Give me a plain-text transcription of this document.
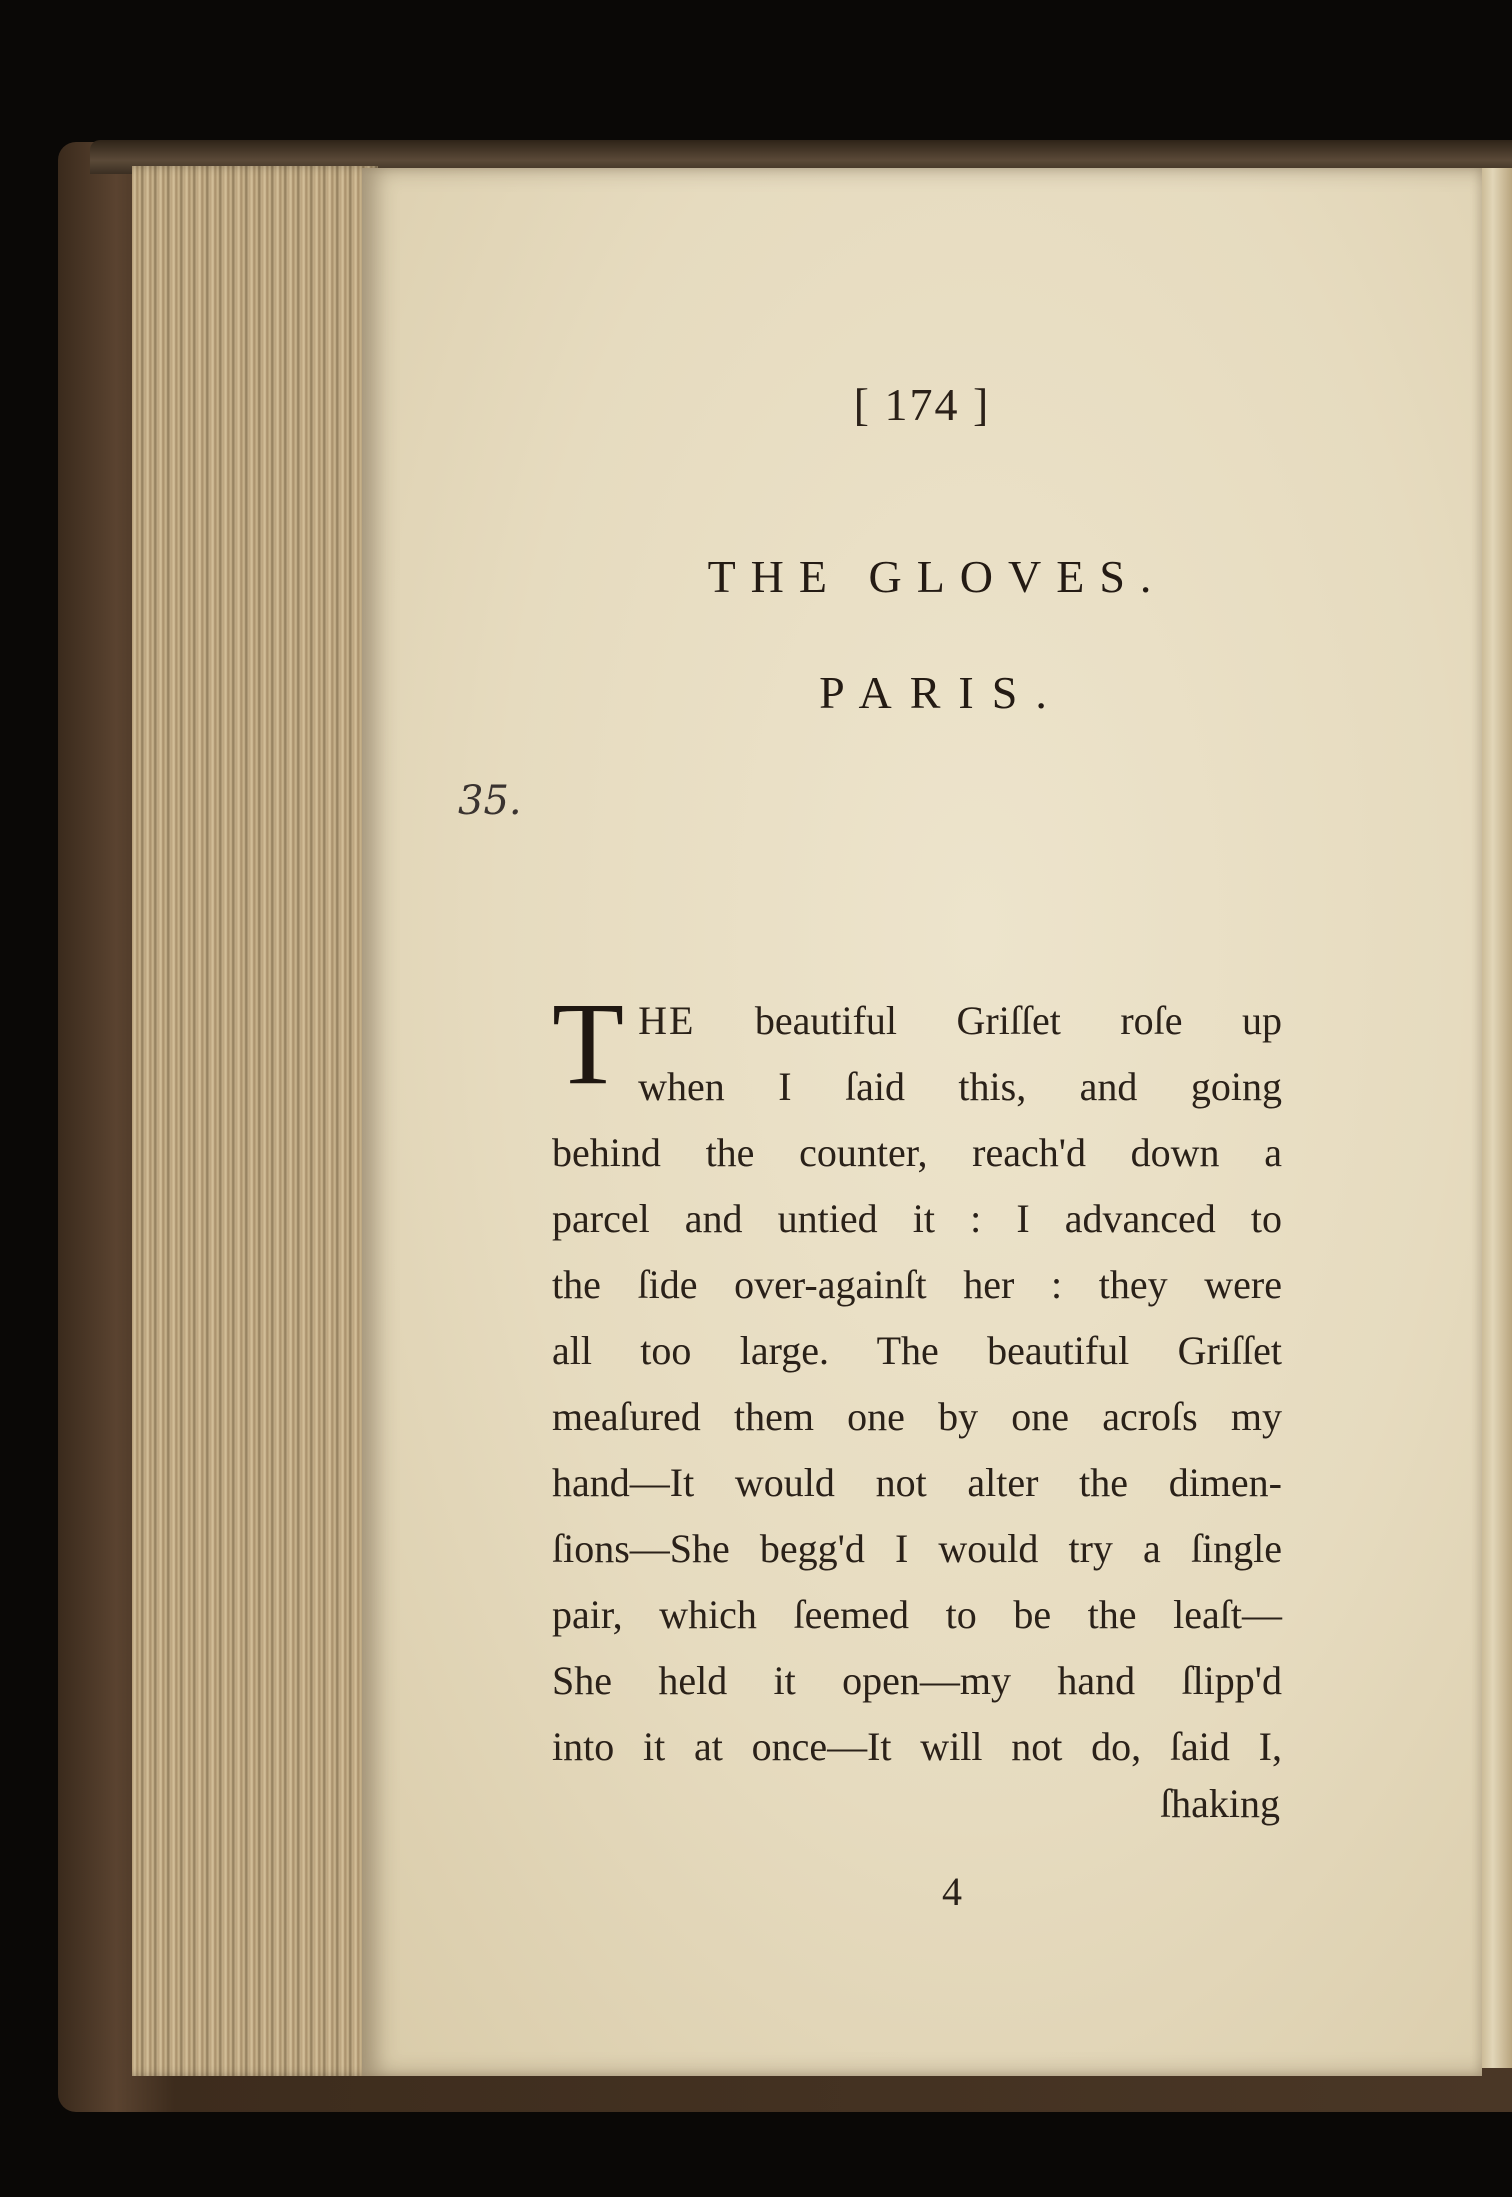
[ 174 ]
THE GLOVES.
PARIS.
35.
T HE beautiful Griſſet roſe up
when I ſaid this, and going
behind the counter, reach'd down a
parcel and untied it : I advanced to
the ſide over-againſt her : they were
all too large. The beautiful Griſſet
meaſured them one by one acroſs my
hand—It would not alter the dimen-
ſions—She begg'd I would try a ſingle
pair, which ſeemed to be the leaſt—
She held it open—my hand ſlipp'd
into it at once—It will not do, ſaid I,
ſhaking
4
